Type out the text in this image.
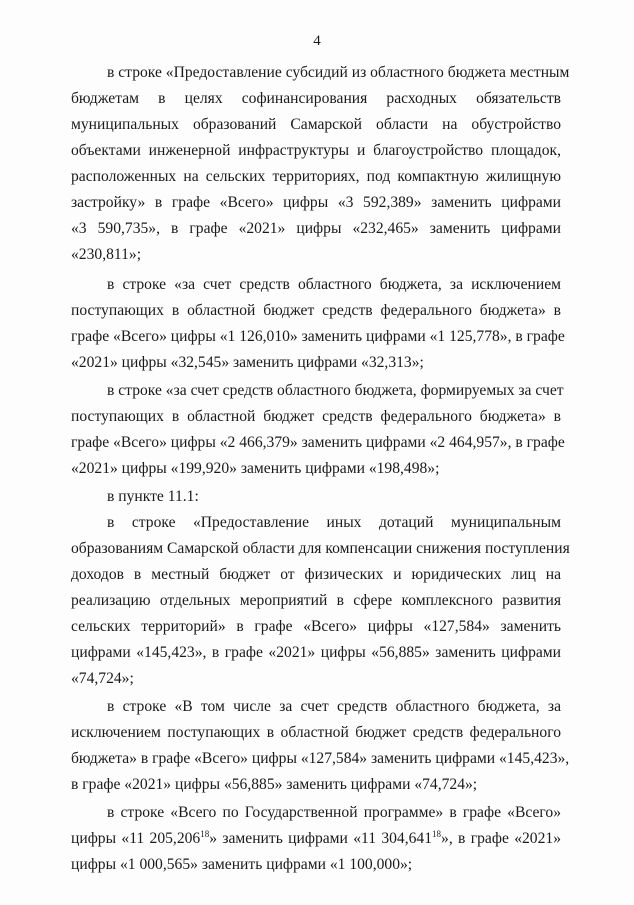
4
в строке «Предоставление субсидий из областного бюджета местным
бюджетам в целях софинансирования расходных обязательств
муниципальных образований Самарской области на обустройство
объектами инженерной инфраструктуры и благоустройство площадок,
расположенных на сельских территориях, под компактную жилищную
застройку» в графе «Всего» цифры «3 592,389» заменить цифрами
«3 590,735», в графе «2021» цифры «232,465» заменить цифрами
«230,811»;
в строке «за счет средств областного бюджета, за исключением
поступающих в областной бюджет средств федерального бюджета» в
графе «Всего» цифры «1 126,010» заменить цифрами «1 125,778», в графе
«2021» цифры «32,545» заменить цифрами «32,313»;
в строке «за счет средств областного бюджета, формируемых за счет
поступающих в областной бюджет средств федерального бюджета» в
графе «Всего» цифры «2 466,379» заменить цифрами «2 464,957», в графе
«2021» цифры «199,920» заменить цифрами «198,498»;
в пункте 11.1:
в строке «Предоставление иных дотаций муниципальным
образованиям Самарской области для компенсации снижения поступления
доходов в местный бюджет от физических и юридических лиц на
реализацию отдельных мероприятий в сфере комплексного развития
сельских территорий» в графе «Всего» цифры «127,584» заменить
цифрами «145,423», в графе «2021» цифры «56,885» заменить цифрами
«74,724»;
в строке «В том числе за счет средств областного бюджета, за
исключением поступающих в областной бюджет средств федерального
бюджета» в графе «Всего» цифры «127,584» заменить цифрами «145,423»,
в графе «2021» цифры «56,885» заменить цифрами «74,724»;
в строке «Всего по Государственной программе» в графе «Всего»
цифры «11 205,206$^{18}$» заменить цифрами «11 304,641$^{18}$», в графе «2021»
цифры «1 000,565» заменить цифрами «1 100,000»;
